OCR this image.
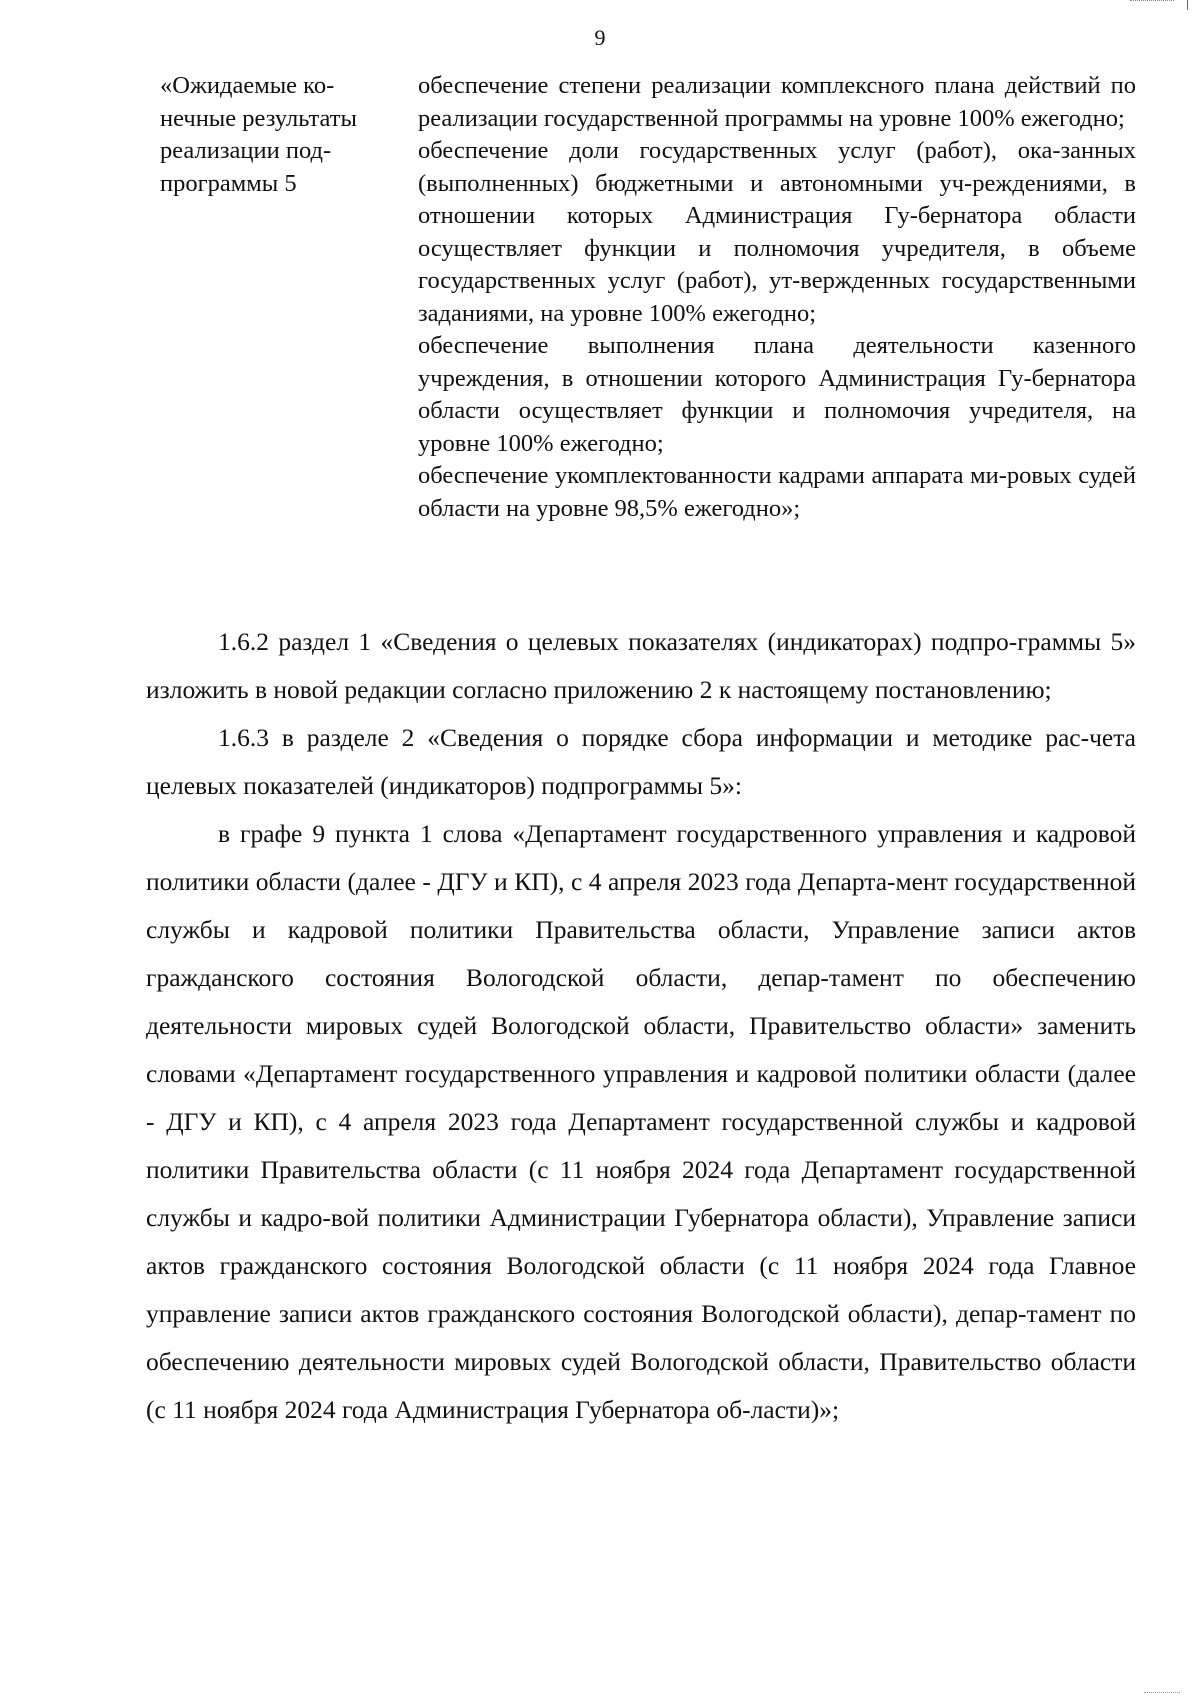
9
«Ожидаемые ко-нечные результаты реализации под-программы 5

обеспечение степени реализации комплексного плана действий по реализации государственной программы на уровне 100% ежегодно;

обеспечение доли государственных услуг (работ), ока-занных (выполненных) бюджетными и автономными уч-реждениями, в отношении которых Администрация Гу-бернатора области осуществляет функции и полномочия учредителя, в объеме государственных услуг (работ), ут-вержденных государственными заданиями, на уровне 100% ежегодно;

обеспечение выполнения плана деятельности казенного учреждения, в отношении которого Администрация Гу-бернатора области осуществляет функции и полномочия учредителя, на уровне 100% ежегодно;

обеспечение укомплектованности кадрами аппарата ми-ровых судей области на уровне 98,5% ежегодно»;

1.6.2 раздел 1 «Сведения о целевых показателях (индикаторах) подпро-граммы 5» изложить в новой редакции согласно приложению 2 к настоящему постановлению;

1.6.3 в разделе 2 «Сведения о порядке сбора информации и методике рас-чета целевых показателей (индикаторов) подпрограммы 5»:

в графе 9 пункта 1 слова «Департамент государственного управления и кадровой политики области (далее - ДГУ и КП), с 4 апреля 2023 года Департа-мент государственной службы и кадровой политики Правительства области, Управление записи актов гражданского состояния Вологодской области, депар-тамент по обеспечению деятельности мировых судей Вологодской области, Правительство области» заменить словами «Департамент государственного управления и кадровой политики области (далее - ДГУ и КП), с 4 апреля 2023 года Департамент государственной службы и кадровой политики Правительства области (с 11 ноября 2024 года Департамент государственной службы и кадро-вой политики Администрации Губернатора области), Управление записи актов гражданского состояния Вологодской области (с 11 ноября 2024 года Главное управление записи актов гражданского состояния Вологодской области), депар-тамент по обеспечению деятельности мировых судей Вологодской области, Правительство области (с 11 ноября 2024 года Администрация Губернатора об-ласти)»;
